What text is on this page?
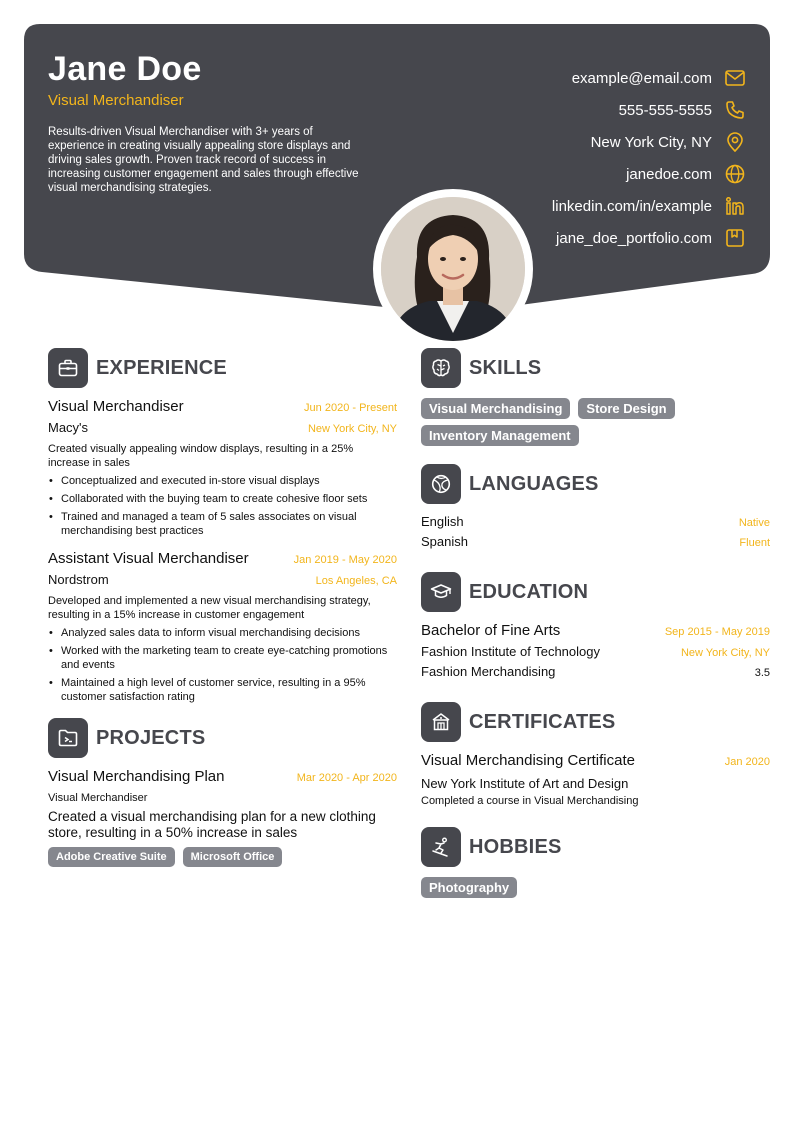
Jane Doe
Visual Merchandiser
Results-driven Visual Merchandiser with 3+ years of experience in creating visually appealing store displays and driving sales growth. Proven track record of success in increasing customer engagement and sales through effective visual merchandising strategies.
example@email.com
555-555-5555
New York City, NY
janedoe.com
linkedin.com/in/example
jane_doe_portfolio.com
EXPERIENCE
Visual Merchandiser	Jun 2020 - Present
Macy's	New York City, NY
Created visually appealing window displays, resulting in a 25% increase in sales
• Conceptualized and executed in-store visual displays
• Collaborated with the buying team to create cohesive floor sets
• Trained and managed a team of 5 sales associates on visual merchandising best practices
Assistant Visual Merchandiser	Jan 2019 - May 2020
Nordstrom	Los Angeles, CA
Developed and implemented a new visual merchandising strategy, resulting in a 15% increase in customer engagement
• Analyzed sales data to inform visual merchandising decisions
• Worked with the marketing team to create eye-catching promotions and events
• Maintained a high level of customer service, resulting in a 95% customer satisfaction rating
PROJECTS
Visual Merchandising Plan	Mar 2020 - Apr 2020
Visual Merchandiser
Created a visual merchandising plan for a new clothing store, resulting in a 50% increase in sales
Adobe Creative Suite	Microsoft Office
SKILLS
Visual Merchandising	Store Design
Inventory Management
LANGUAGES
English	Native
Spanish	Fluent
EDUCATION
Bachelor of Fine Arts	Sep 2015 - May 2019
Fashion Institute of Technology	New York City, NY
Fashion Merchandising	3.5
CERTIFICATES
Visual Merchandising Certificate	Jan 2020
New York Institute of Art and Design
Completed a course in Visual Merchandising
HOBBIES
Photography
